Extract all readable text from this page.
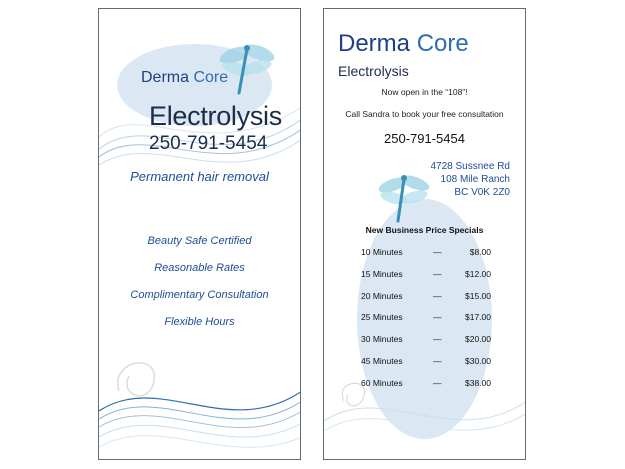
Derma Core
Electrolysis
250-791-5454
Permanent hair removal
Beauty Safe Certified
Reasonable Rates
Complimentary Consultation
Flexible Hours
Derma Core
Electrolysis
Now open in the “108”!
Call Sandra to book your free consultation
250-791-5454
4728 Sussnee Rd
108 Mile Ranch
BC V0K 2Z0
New Business Price Specials
10 Minutes	—	$8.00
15 Minutes	—	$12.00
20 Minutes	—	$15.00
25 Minutes	—	$17.00
30 Minutes	—	$20.00
45 Minutes	—	$30.00
60 Minutes	—	$38.00
